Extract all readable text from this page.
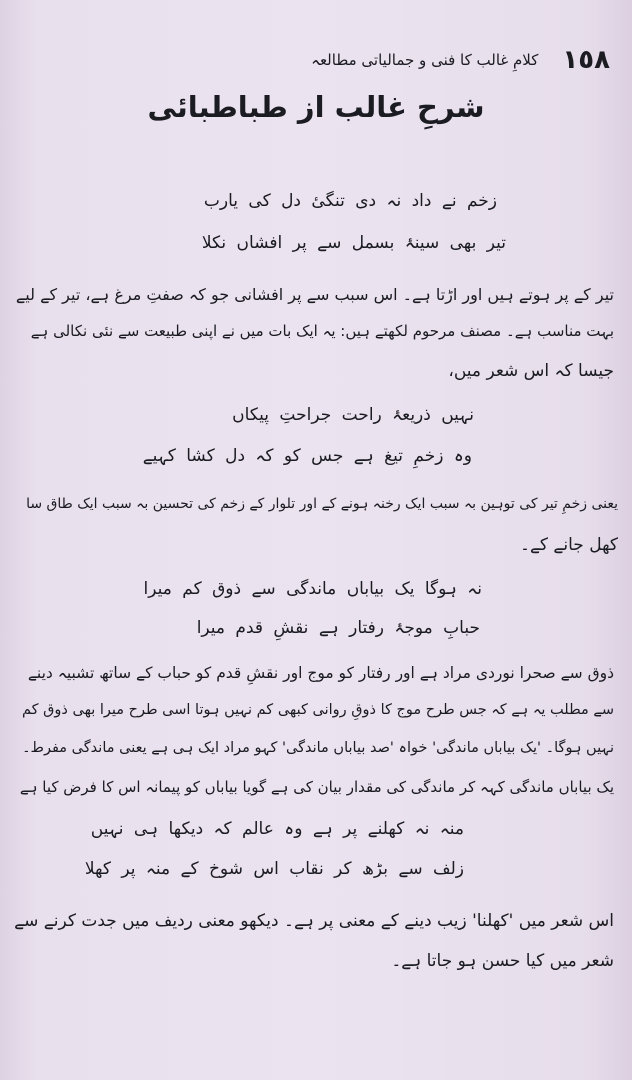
١٥٨
کلامِ غالب کا فنی و جمالیاتی مطالعہ
شرحِ غالب از طباطبائی
زخم نے داد نہ دی تنگیٔ دل کی یارب
تیر بھی سینۂ بسمل سے پر افشاں نکلا
تیر کے پر ہوتے ہیں اور اڑتا ہے۔ اس سبب سے پر افشانی جو کہ صفتِ مرغ ہے، تیر کے لیے
بہت مناسب ہے۔ مصنف مرحوم لکھتے ہیں: یہ ایک بات میں نے اپنی طبیعت سے نئی نکالی ہے
جیسا کہ اس شعر میں،
نہیں ذریعۂ راحت جراحتِ پیکاں
وہ زخمِ تیغ ہے جس کو کہ دل کشا کہیے
یعنی زخمِ تیر کی توہین بہ سبب ایک رخنہ ہونے کے اور تلوار کے زخم کی تحسین بہ سبب ایک طاق سا
کھل جانے کے۔
نہ ہوگا یک بیاباں ماندگی سے ذوق کم میرا
حبابِ موجۂ رفتار ہے نقشِ قدم میرا
ذوق سے صحرا نوردی مراد ہے اور رفتار کو موج اور نقشِ قدم کو حباب کے ساتھ تشبیہ دینے
سے مطلب یہ ہے کہ جس طرح موج کا ذوقِ روانی کبھی کم نہیں ہوتا اسی طرح میرا بھی ذوق کم
نہیں ہوگا۔ 'یک بیاباں ماندگی' خواہ 'صد بیاباں ماندگی' کہو مراد ایک ہی ہے یعنی ماندگی مفرط۔
یک بیاباں ماندگی کہہ کر ماندگی کی مقدار بیان کی ہے گویا بیاباں کو پیمانہ اس کا فرض کیا ہے
منہ نہ کھلنے پر ہے وہ عالم کہ دیکھا ہی نہیں
زلف سے بڑھ کر نقاب اس شوخ کے منہ پر کھلا
اس شعر میں 'کھلنا' زیب دینے کے معنی پر ہے۔ دیکھو معنی ردیف میں جدت کرنے سے
شعر میں کیا حسن ہو جاتا ہے۔
